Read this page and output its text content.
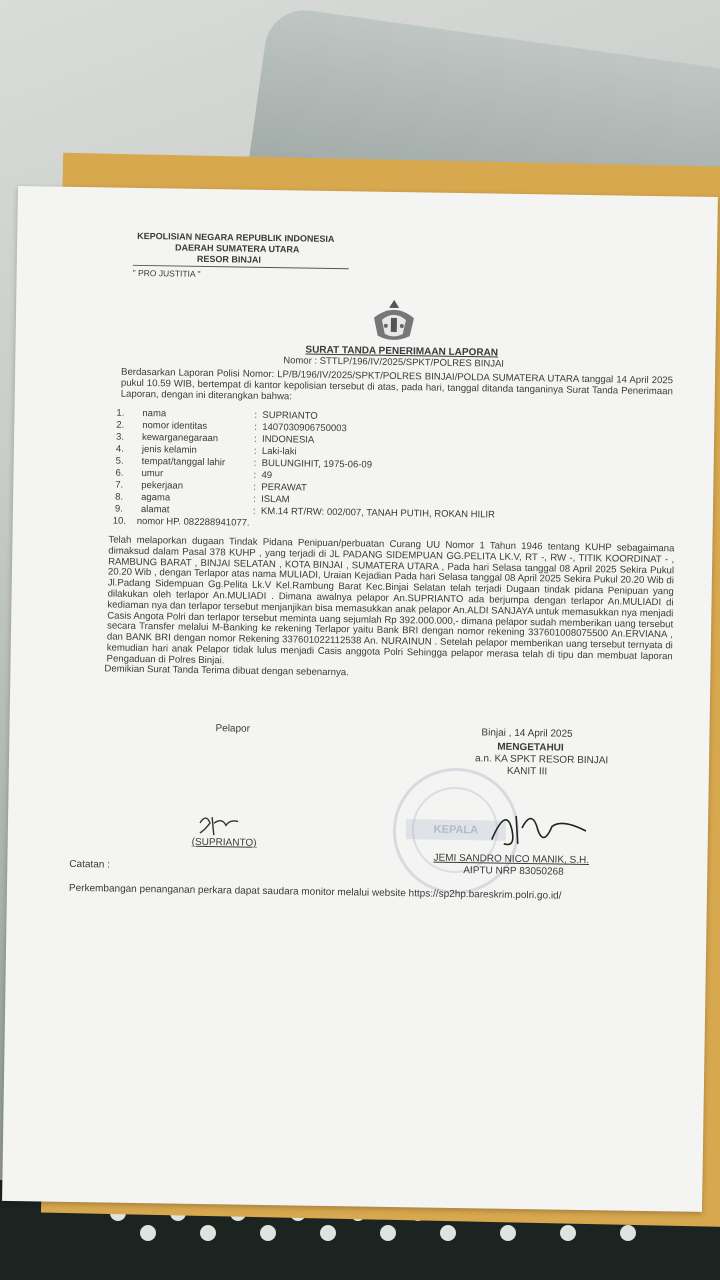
KEPOLISIAN NEGARA REPUBLIK INDONESIA
DAERAH SUMATERA UTARA
RESOR BINJAI
" PRO JUSTITIA "
SURAT TANDA PENERIMAAN LAPORAN
Nomor : STTLP/196/IV/2025/SPKT/POLRES BINJAI
Berdasarkan Laporan Polisi Nomor: LP/B/196/IV/2025/SPKT/POLRES BINJAI/POLDA SUMATERA UTARA tanggal 14 April 2025 pukul 10.59 WIB, bertempat di kantor kepolisian tersebut di atas, pada hari, tanggal ditanda tanganinya Surat Tanda Penerimaan Laporan, dengan ini diterangkan bahwa:
1. nama	: SUPRIANTO
2. nomor identitas	: 1407030906750003
3. kewarganegaraan	: INDONESIA
4. jenis kelamin	: Laki-laki
5. tempat/tanggal lahir	: BULUNGIHIT, 1975-06-09
6. umur	: 49
7. pekerjaan	: PERAWAT
8. agama	: ISLAM
9. alamat	: KM.14 RT/RW: 002/007, TANAH PUTIH, ROKAN HILIR
10. nomor HP. 082288941077.
Telah melaporkan dugaan Tindak Pidana Penipuan/perbuatan Curang UU Nomor 1 Tahun 1946 tentang KUHP sebagaimana dimaksud dalam Pasal 378 KUHP , yang terjadi di JL PADANG SIDEMPUAN GG.PELITA LK.V, RT -, RW -, TITIK KOORDINAT - , RAMBUNG BARAT , BINJAI SELATAN , KOTA BINJAI , SUMATERA UTARA , Pada hari Selasa tanggal 08 April 2025 Sekira Pukul 20.20 Wib , dengan Terlapor atas nama MULIADI, Uraian Kejadian Pada hari Selasa tanggal 08 April 2025 Sekira Pukul 20.20 Wib di Jl.Padang Sidempuan Gg.Pelita Lk.V Kel.Rambung Barat Kec.Binjai Selatan telah terjadi Dugaan tindak pidana Penipuan yang dilakukan oleh terlapor An.MULIADI . Dimana awalnya pelapor An.SUPRIANTO ada berjumpa dengan terlapor An.MULIADI di kediaman nya dan terlapor tersebut menjanjikan bisa memasukkan anak pelapor An.ALDI SANJAYA untuk memasukkan nya menjadi Casis Angota Polri dan terlapor tersebut meminta uang sejumlah Rp 392.000.000,- dimana pelapor sudah memberikan uang tersebut secara Transfer melalui M-Banking ke rekening Terlapor yaitu Bank BRI dengan nomor rekening 337601008075500 An.ERVIANA , dan BANK BRI dengan nomor Rekening 337601022112538 An. NURAINUN . Setelah pelapor memberikan uang tersebut ternyata di kemudian hari anak Pelapor tidak lulus menjadi Casis anggota Polri Sehingga pelapor merasa telah di tipu dan membuat laporan Pengaduan di Polres Binjai.
Demikian Surat Tanda Terima dibuat dengan sebenarnya.
Pelapor	Binjai , 14 April 2025
MENGETAHUI
a.n. KA SPKT RESOR BINJAI
KANIT III
KEPALA
(SUPRIANTO)
JEMI SANDRO NICO MANIK, S.H.
AIPTU NRP 83050268
Catatan :
Perkembangan penanganan perkara dapat saudara monitor melalui website https://sp2hp.bareskrim.polri.go.id/
